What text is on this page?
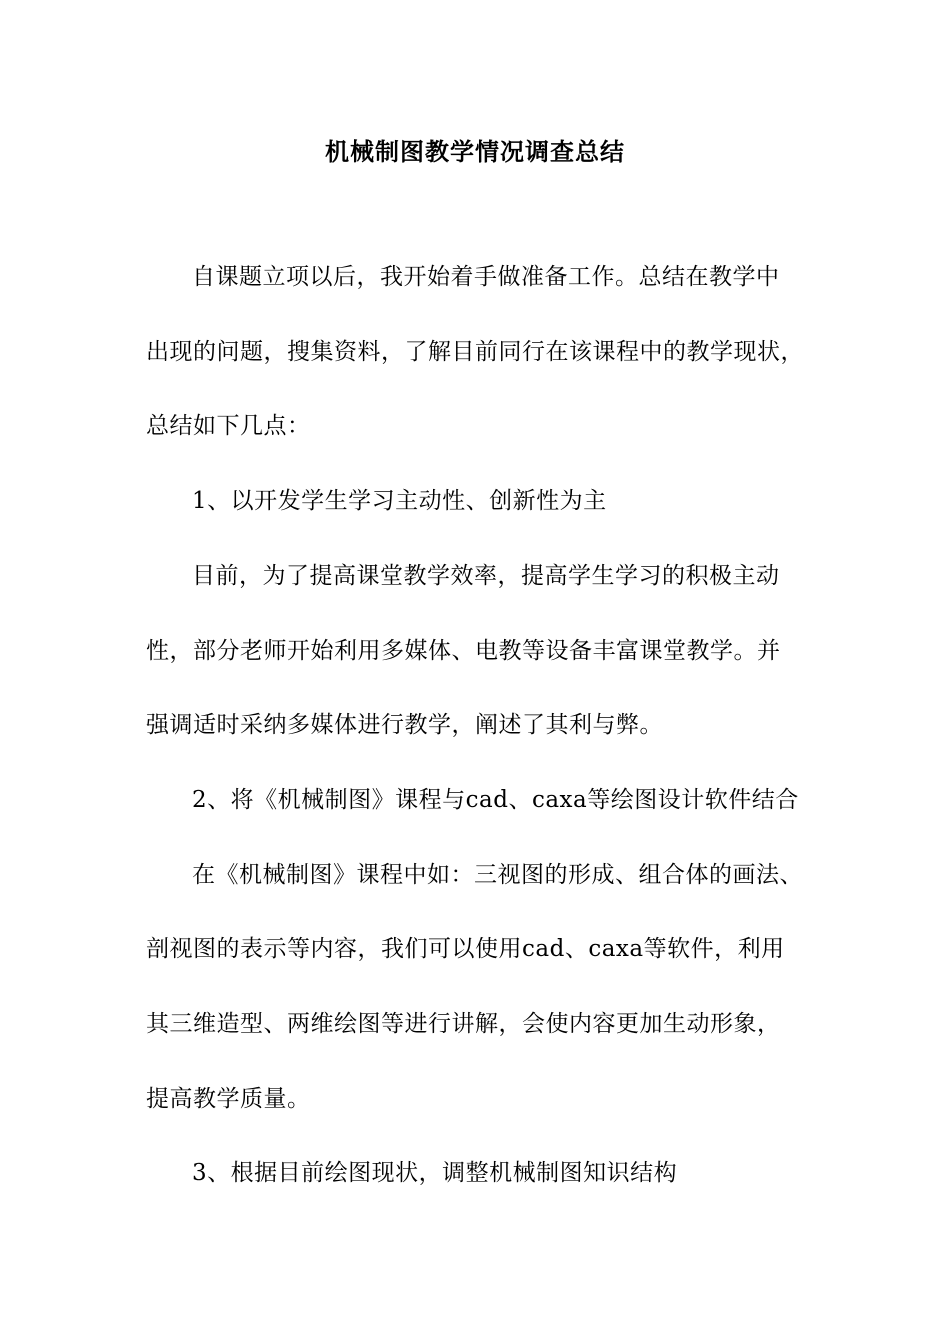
机械制图教学情况调查总结
自课题立项以后，我开始着手做准备工作。总结在教学中
出现的问题，搜集资料，了解目前同行在该课程中的教学现状，
总结如下几点：
1、以开发学生学习主动性、创新性为主
目前，为了提高课堂教学效率，提高学生学习的积极主动
性，部分老师开始利用多媒体、电教等设备丰富课堂教学。并
强调适时采纳多媒体进行教学，阐述了其利与弊。
2、将《机械制图》课程与cad、caxa等绘图设计软件结合
在《机械制图》课程中如：三视图的形成、组合体的画法、
剖视图的表示等内容，我们可以使用cad、caxa等软件，利用
其三维造型、两维绘图等进行讲解，会使内容更加生动形象，
提高教学质量。
3、根据目前绘图现状，调整机械制图知识结构
